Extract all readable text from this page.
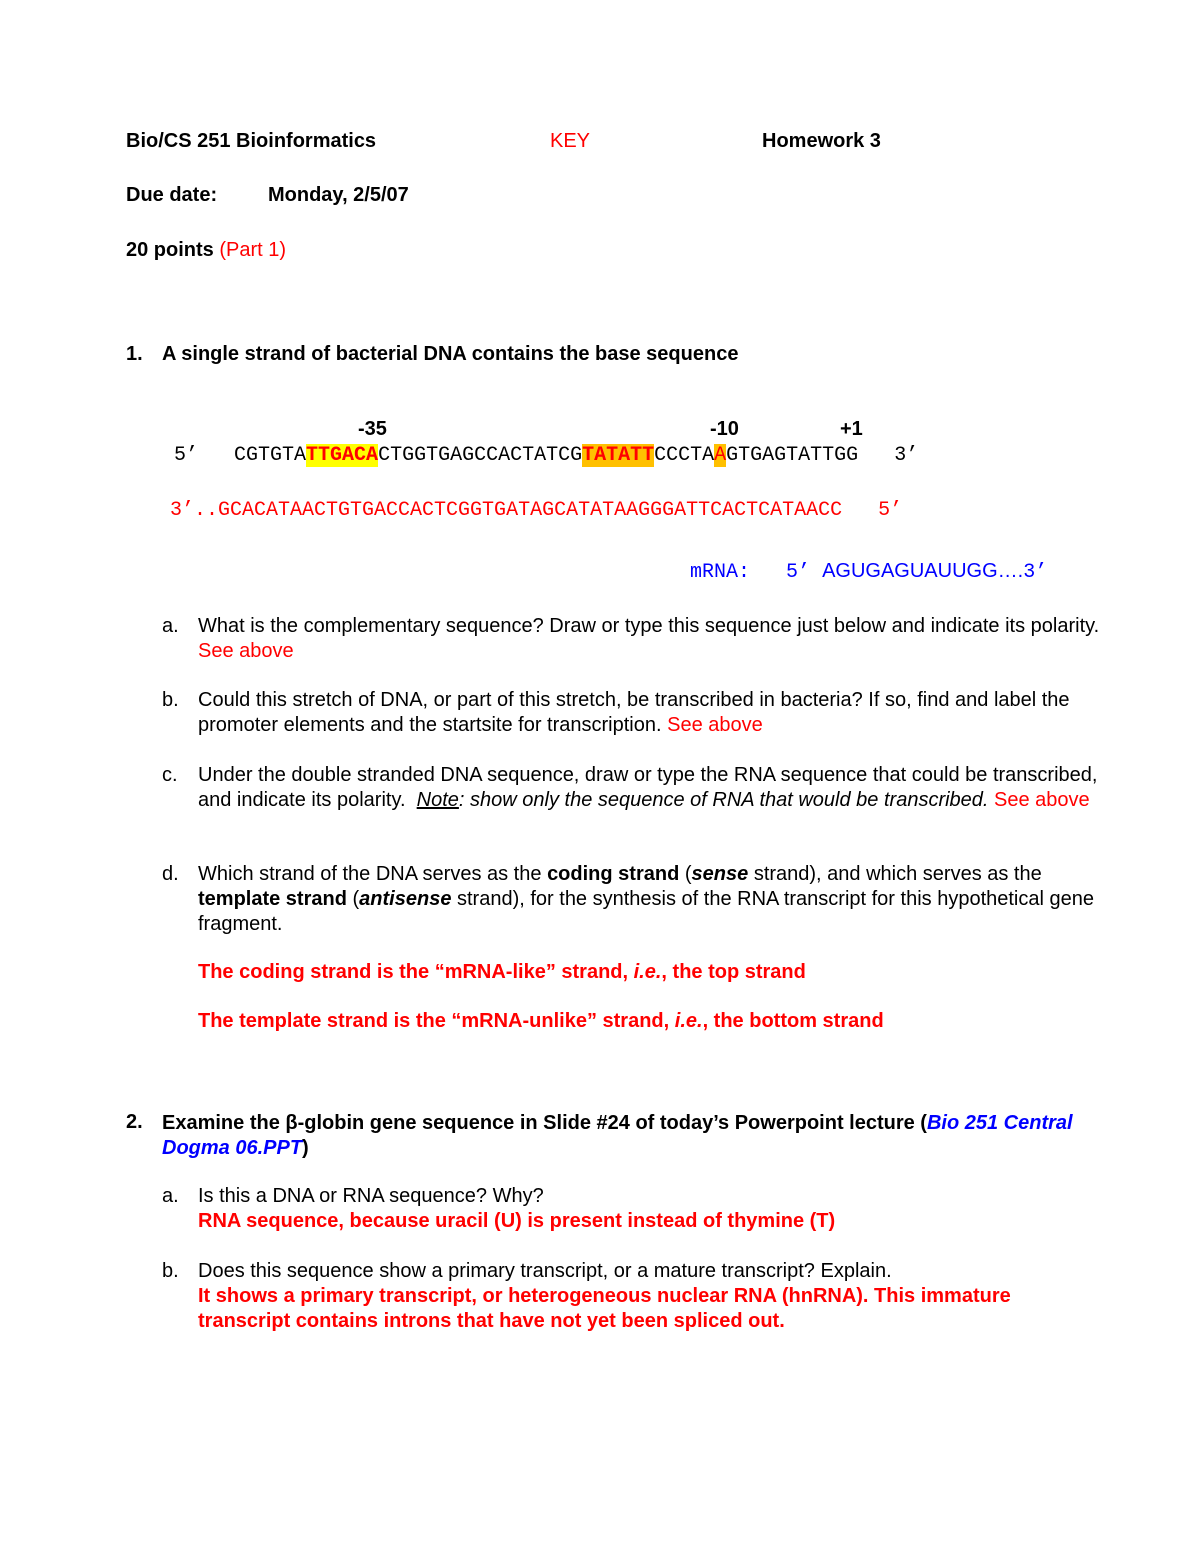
Bio/CS 251 Bioinformatics	KEY	Homework 3
Due date:	Monday, 2/5/07
20 points (Part 1)
1. A single strand of bacterial DNA contains the base sequence
-35	-10	+1
5’ CGTGTATTGACACTGGTGAGCCACTATCGTATATTCCCTAAGTGAGTATTGG 3’
3’..GCACATAACTGTGACCACTCGGTGATAGCATATAAGGGATTCACTCATAACC 5’
mRNA: 5’ AGUGAGUAUUGG….3’
a. What is the complementary sequence? Draw or type this sequence just below and indicate its polarity.  See above
b. Could this stretch of DNA, or part of this stretch, be transcribed in bacteria? If so, find and label the promoter elements and the startsite for transcription. See above
c. Under the double stranded DNA sequence, draw or type the RNA sequence that could be transcribed, and indicate its polarity. Note: show only the sequence of RNA that would be transcribed. See above
d. Which strand of the DNA serves as the coding strand (sense strand), and which serves as the template strand (antisense strand), for the synthesis of the RNA transcript for this hypothetical gene fragment.
The coding strand is the “mRNA-like” strand, i.e., the top strand
The template strand is the “mRNA-unlike” strand, i.e., the bottom strand
2. Examine the β-globin gene sequence in Slide #24 of today’s Powerpoint lecture (Bio 251 Central Dogma 06.PPT)
a. Is this a DNA or RNA sequence? Why?
RNA sequence, because uracil (U) is present instead of thymine (T)
b. Does this sequence show a primary transcript, or a mature transcript? Explain.
It shows a primary transcript, or heterogeneous nuclear RNA (hnRNA). This immature transcript contains introns that have not yet been spliced out.
